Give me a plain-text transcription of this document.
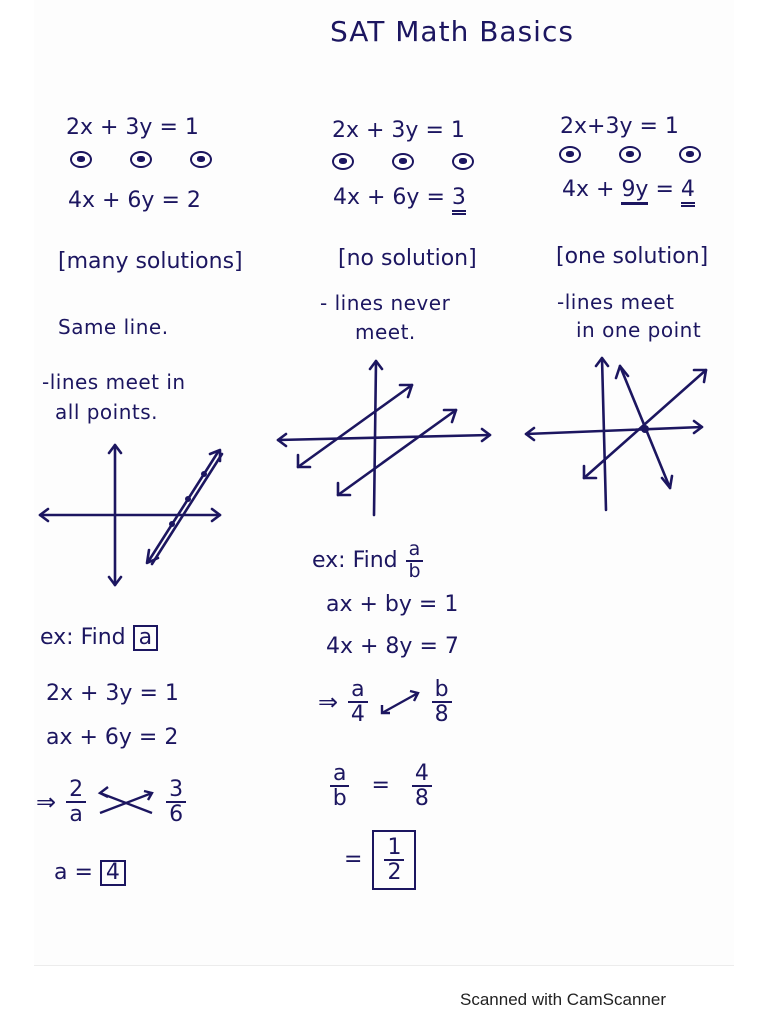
SAT Math Basics
2x + 3y = 1
4x + 6y = 2
[many solutions]
Same line.
-lines meet in
all points.
2x + 3y = 1
4x + 6y = 3
[no solution]
- lines never
meet.
2x+3y = 1
4x + 9y = 4
[one solution]
-lines meet
in one point
ex: Find a
2x + 3y = 1
ax + 6y = 2
⇒ $\frac{2}{a}$	$\frac{3}{6}$
a = 4
ex: Find $\frac{a}{b}$
ax + by = 1
4x + 8y = 7
⇒ $\frac{a}{4}$	$\frac{b}{8}$
$\frac{a}{b} = \frac{4}{8}$
= $\frac{1}{2}$
Scanned with CamScanner
